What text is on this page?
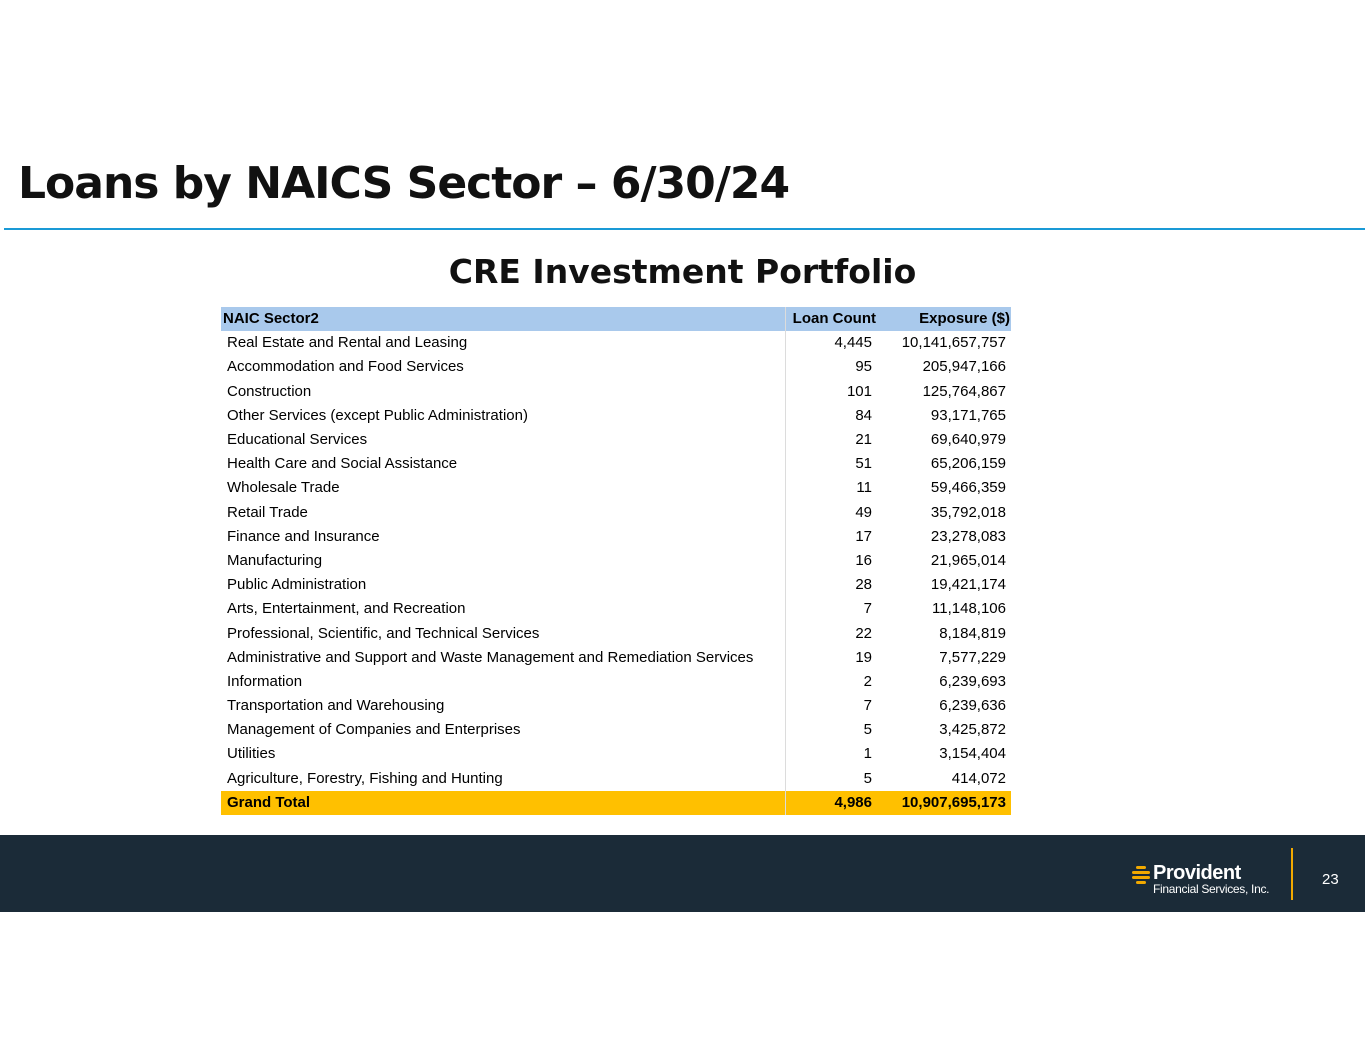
Loans by NAICS Sector – 6/30/24
CRE Investment Portfolio
NAIC Sector2	Loan Count	Exposure ($)
Real Estate and Rental and Leasing	4,445	10,141,657,757
Accommodation and Food Services	95	205,947,166
Construction	101	125,764,867
Other Services (except Public Administration)	84	93,171,765
Educational Services	21	69,640,979
Health Care and Social Assistance	51	65,206,159
Wholesale Trade	11	59,466,359
Retail Trade	49	35,792,018
Finance and Insurance	17	23,278,083
Manufacturing	16	21,965,014
Public Administration	28	19,421,174
Arts, Entertainment, and Recreation	7	11,148,106
Professional, Scientific, and Technical Services	22	8,184,819
Administrative and Support and Waste Management and Remediation Services	19	7,577,229
Information	2	6,239,693
Transportation and Warehousing	7	6,239,636
Management of Companies and Enterprises	5	3,425,872
Utilities	1	3,154,404
Agriculture, Forestry, Fishing and Hunting	5	414,072
Grand Total	4,986	10,907,695,173
Provident
Financial Services, Inc.
23
